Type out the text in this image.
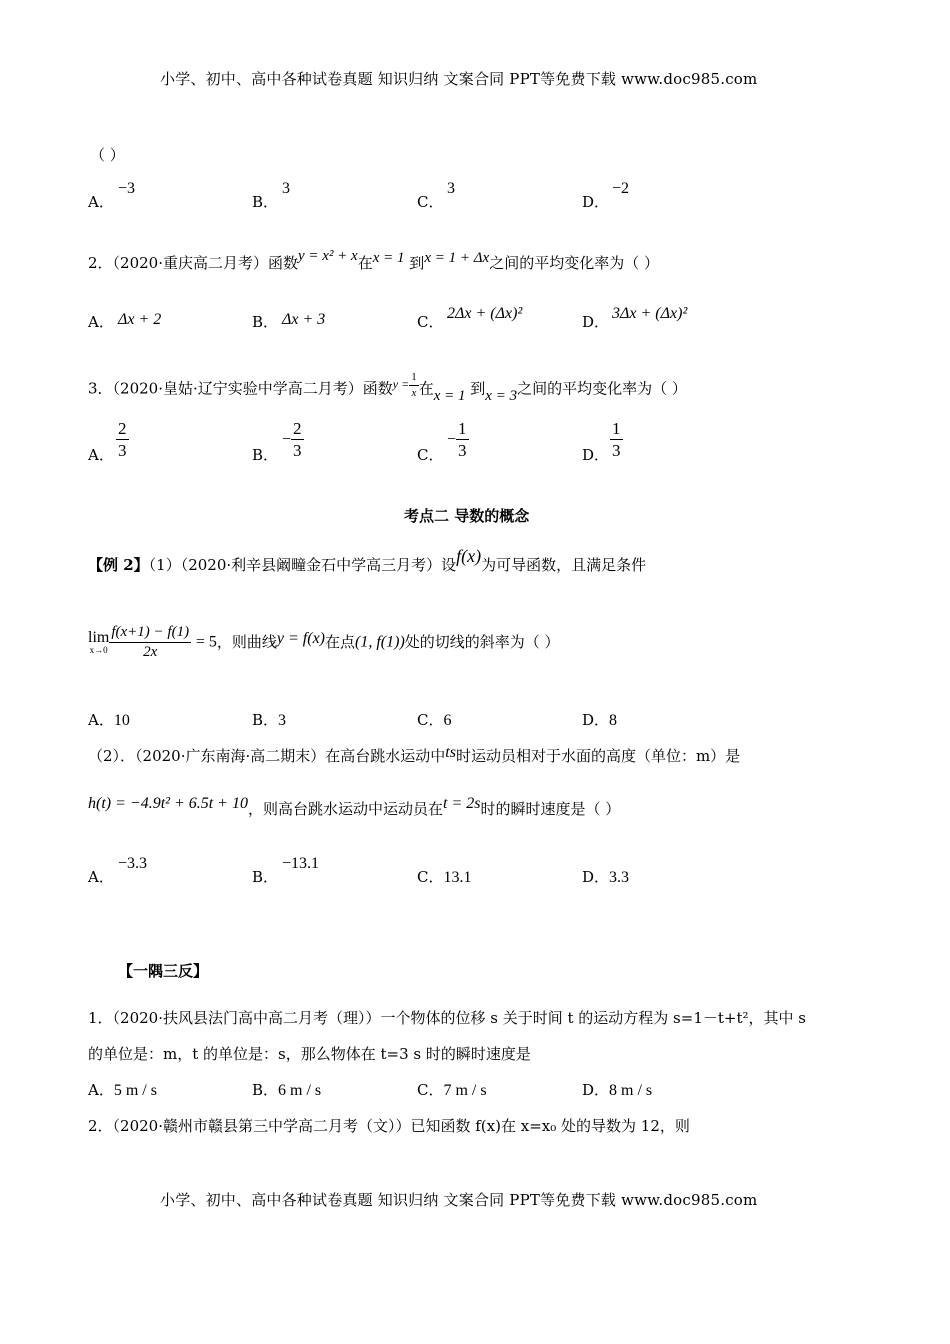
小学、初中、高中各种试卷真题 知识归纳 文案合同 PPT等免费下载 www.doc985.com
（ ）
A．
−3
B．
3
C．
3
D．
−2
2．（2020·重庆高二月考）函数y = x² + x在x = 1 到x = 1 + Δx之间的平均变化率为（ ）
A． Δx + 2	B． Δx + 3	C． 2Δx + (Δx)²	D． 3Δx + (Δx)²
3．（2020·皇姑·辽宁实验中学高二月考）函数$^{y =} \frac{1}{x}$ 在x = 1 到x = 3之间的平均变化率为（ ）
A． $\frac{2}{3}$	B．
− $\frac{2}{3}$	C．
− $\frac{1}{3}$	D． $\frac{1}{3}$
考点二 导数的概念
【例 2】（1）（2020·利辛县阚疃金石中学高三月考）设f(x)为可导函数，且满足条件
lim
$x\to 0 \frac{f(x+1) - f(1)}{2x} = 5$，则曲线y = f(x)在点(1, f(1))处的切线的斜率为（ ）
A．10	B．3	C．6	D．8
（2）．（2020·广东南海·高二期末）在高台跳水运动中ts时运动员相对于水面的高度（单位：m）是
h(t) = −4.9t² + 6.5t + 10，则高台跳水运动中运动员在t = 2s时的瞬时速度是（ ）
A．
−3.3
B．
−13.1
C．13.1	D．3.3
【一隅三反】
1．（2020·扶风县法门高中高二月考（理））一个物体的位移 s 关于时间 t 的运动方程为 s=1－t+t²，其中 s
的单位是：m，t 的单位是：s，那么物体在 t=3 s 时的瞬时速度是
A．5 m / s	B．6 m / s	C．7 m / s	D．8 m / s
2．（2020·赣州市赣县第三中学高二月考（文））已知函数 f(x)在 x=x₀ 处的导数为 12，则
小学、初中、高中各种试卷真题 知识归纳 文案合同 PPT等免费下载 www.doc985.com
